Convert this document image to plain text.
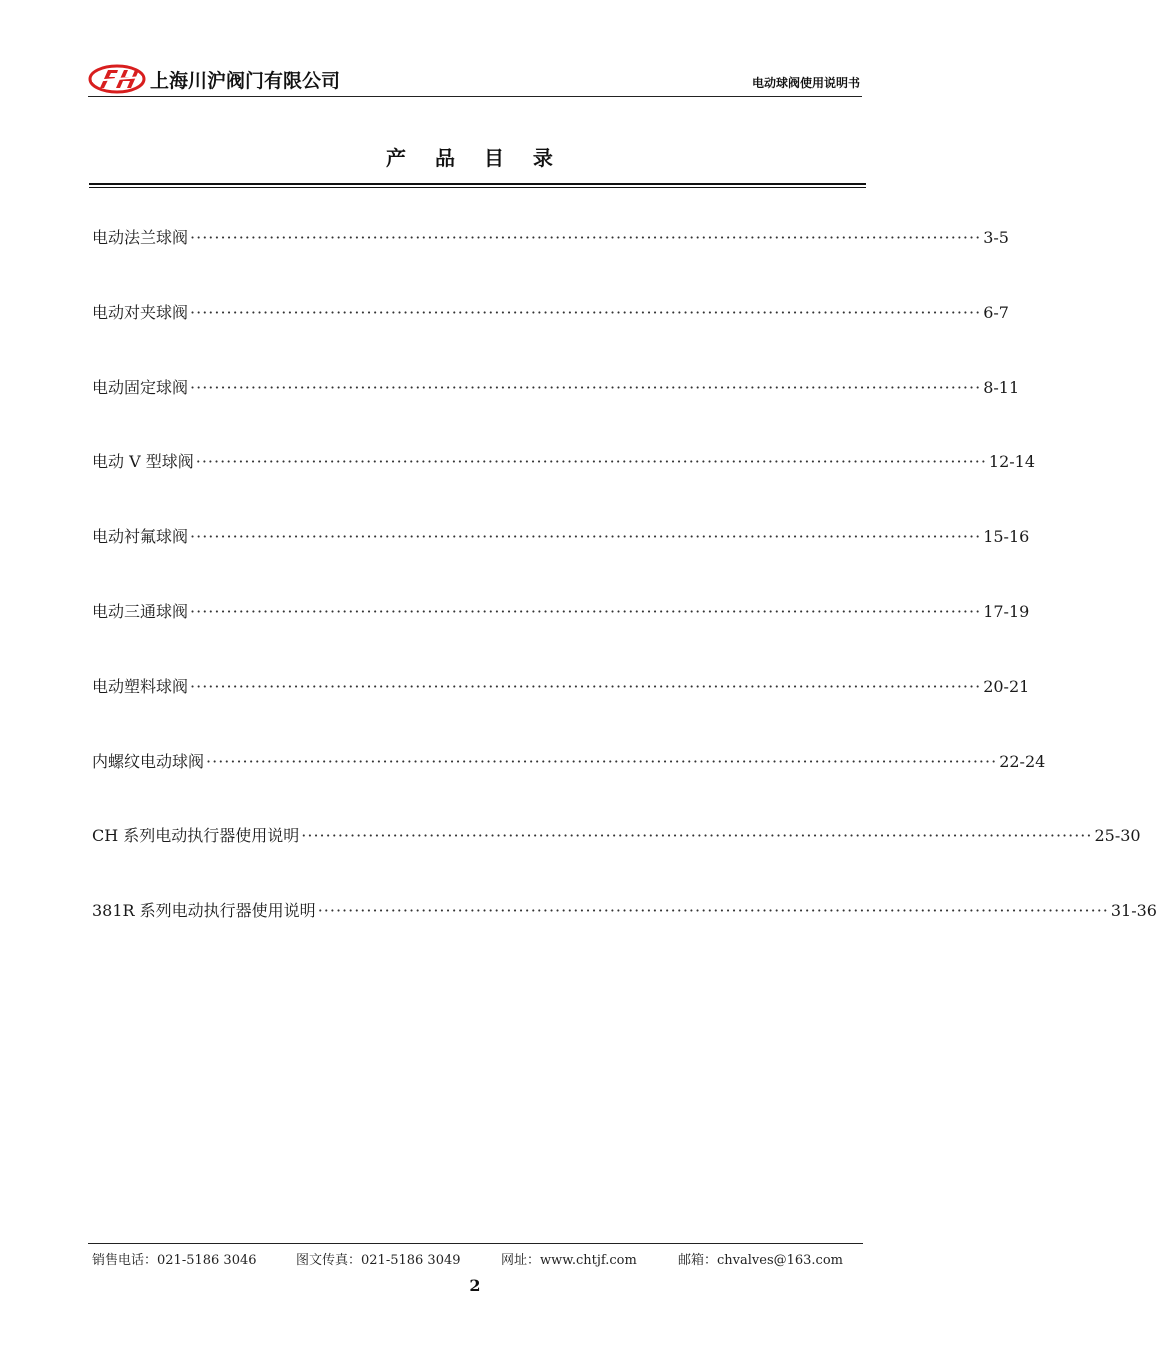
上海川沪阀门有限公司	电动球阀使用说明书
产 品 目 录
电动法兰球阀 ·································································································································· 3-5
电动对夹球阀 ·································································································································· 6-7
电动固定球阀 ·································································································································· 8-11
电动 V 型球阀 ·································································································································· 12-14
电动衬氟球阀 ·································································································································· 15-16
电动三通球阀 ·································································································································· 17-19
电动塑料球阀 ·································································································································· 20-21
内螺纹电动球阀 ·································································································································· 22-24
CH 系列电动执行器使用说明 ·································································································································· 25-30
381R 系列电动执行器使用说明 ·································································································································· 31-36
销售电话：021-5186 3046	图文传真：021-5186 3049	网址：www.chtjf.com	邮箱：chvalves@163.com
2
